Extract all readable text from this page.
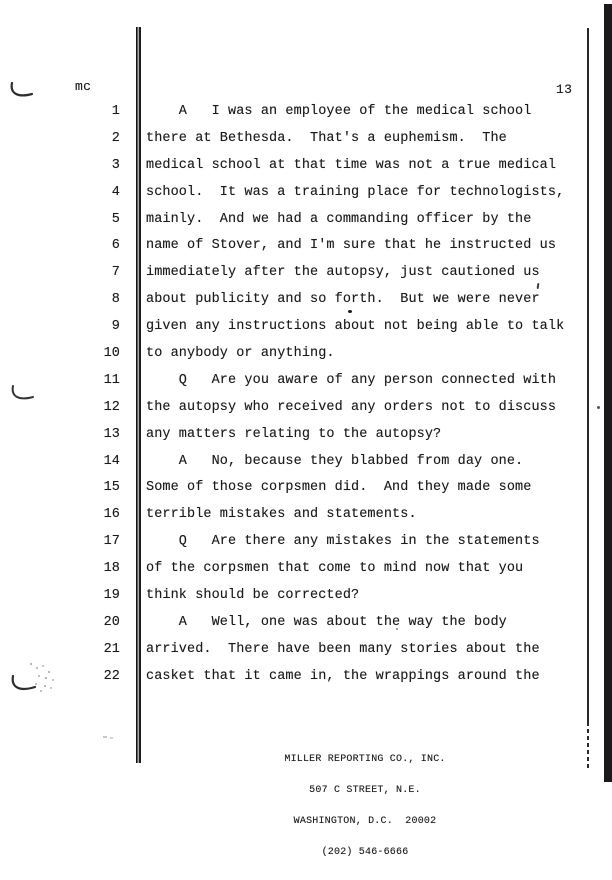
mc	13
1 A   I was an employee of the medical school
2 there at Bethesda.  That's a euphemism.  The
3 medical school at that time was not a true medical
4 school.  It was a training place for technologists,
5 mainly.  And we had a commanding officer by the
6 name of Stover, and I'm sure that he instructed us
7 immediately after the autopsy, just cautioned us
8 about publicity and so forth.  But we were never
9 given any instructions about not being able to talk
10 to anybody or anything.
11 Q   Are you aware of any person connected with
12 the autopsy who received any orders not to discuss
13 any matters relating to the autopsy?
14 A   No, because they blabbed from day one.
15 Some of those corpsmen did.  And they made some
16 terrible mistakes and statements.
17 Q   Are there any mistakes in the statements
18 of the corpsmen that come to mind now that you
19 think should be corrected?
20 A   Well, one was about the way the body
21 arrived.  There have been many stories about the
22 casket that it came in, the wrappings around the

MILLER REPORTING CO., INC.

507 C STREET, N.E.

WASHINGTON, D.C.  20002

(202) 546-6666
